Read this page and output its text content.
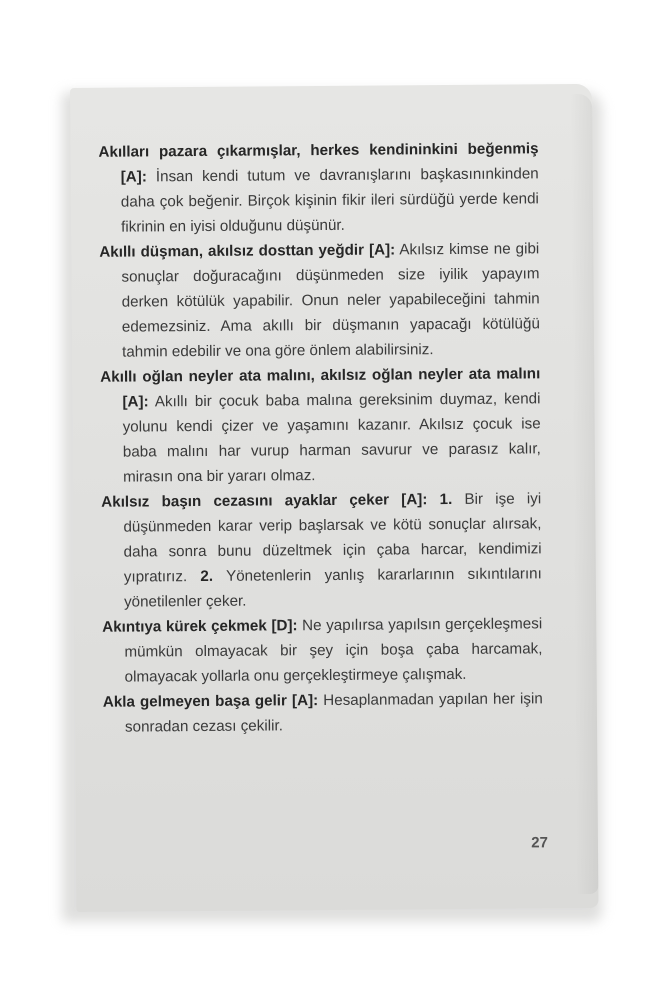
Akılları pazara çıkarmışlar, herkes kendininkini beğenmiş [A]: İnsan kendi tutum ve davranışlarını başkasınınkinden daha çok beğenir. Birçok kişinin fikir ileri sürdüğü yerde kendi fikrinin en iyisi olduğunu düşünür.

Akıllı düşman, akılsız dosttan yeğdir [A]: Akılsız kimse ne gibi sonuçlar doğuracağını düşünmeden size iyilik yapayım derken kötülük yapabilir. Onun neler yapabileceğini tahmin edemezsiniz. Ama akıllı bir düşmanın yapacağı kötülüğü tahmin edebilir ve ona göre önlem alabilirsiniz.

Akıllı oğlan neyler ata malını, akılsız oğlan neyler ata malını [A]: Akıllı bir çocuk baba malına gereksinim duymaz, kendi yolunu kendi çizer ve yaşamını kazanır. Akılsız çocuk ise baba malını har vurup harman savurur ve parasız kalır, mirasın ona bir yararı olmaz.

Akılsız başın cezasını ayaklar çeker [A]: 1. Bir işe iyi düşünmeden karar verip başlarsak ve kötü sonuçlar alırsak, daha sonra bunu düzeltmek için çaba harcar, kendimizi yıpratırız. 2. Yönetenlerin yanlış kararlarının sıkıntılarını yönetilenler çeker.

Akıntıya kürek çekmek [D]: Ne yapılırsa yapılsın gerçekleşmesi mümkün olmayacak bir şey için boşa çaba harcamak, olmayacak yollarla onu gerçekleştirmeye çalışmak.

Akla gelmeyen başa gelir [A]: Hesaplanmadan yapılan her işin sonradan cezası çekilir.

27
